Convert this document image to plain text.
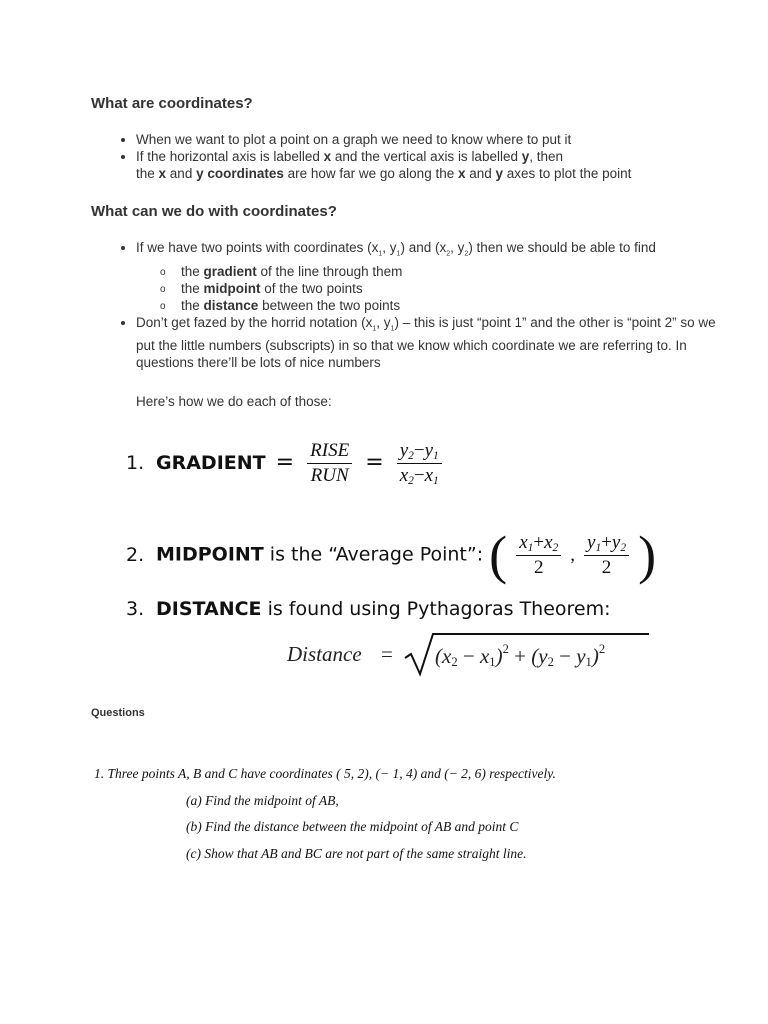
What are coordinates?
• When we want to plot a point on a graph we need to know where to put it
• If the horizontal axis is labelled x and the vertical axis is labelled y, then
the x and y coordinates are how far we go along the x and y axes to plot the point
What can we do with coordinates?
• If we have two points with coordinates ($x_1$, $y_1$) and ($x_2$, $y_2$) then we should be able to find
o the gradient of the line through them
o the midpoint of the two points
o the distance between the two points
• Don’t get fazed by the horrid notation ($x_1$, $y_1$) – this is just “point 1” and the other is “point 2” so we put the little numbers (subscripts) in so that we know which coordinate we are referring to. In questions there’ll be lots of nice numbers
Here’s how we do each of those:
1. GRADIENT = $\frac{\text{RISE}}{\text{RUN}} = \frac{y2-y1}{x2-x1}$
2. MIDPOINT is the “Average Point”: ( $\frac{x1+x2}{2}$ , $\frac{y1+y2}{2}$ )
3. DISTANCE is found using Pythagoras Theorem:
Distance = $(x2 - x1)^2 + (y2 - y1)^2$
Questions
1. Three points A, B and C have coordinates ( 5, 2), (− 1, 4) and (− 2, 6) respectively.
(a) Find the midpoint of AB,
(b) Find the distance between the midpoint of AB and point C
(c) Show that AB and BC are not part of the same straight line.
